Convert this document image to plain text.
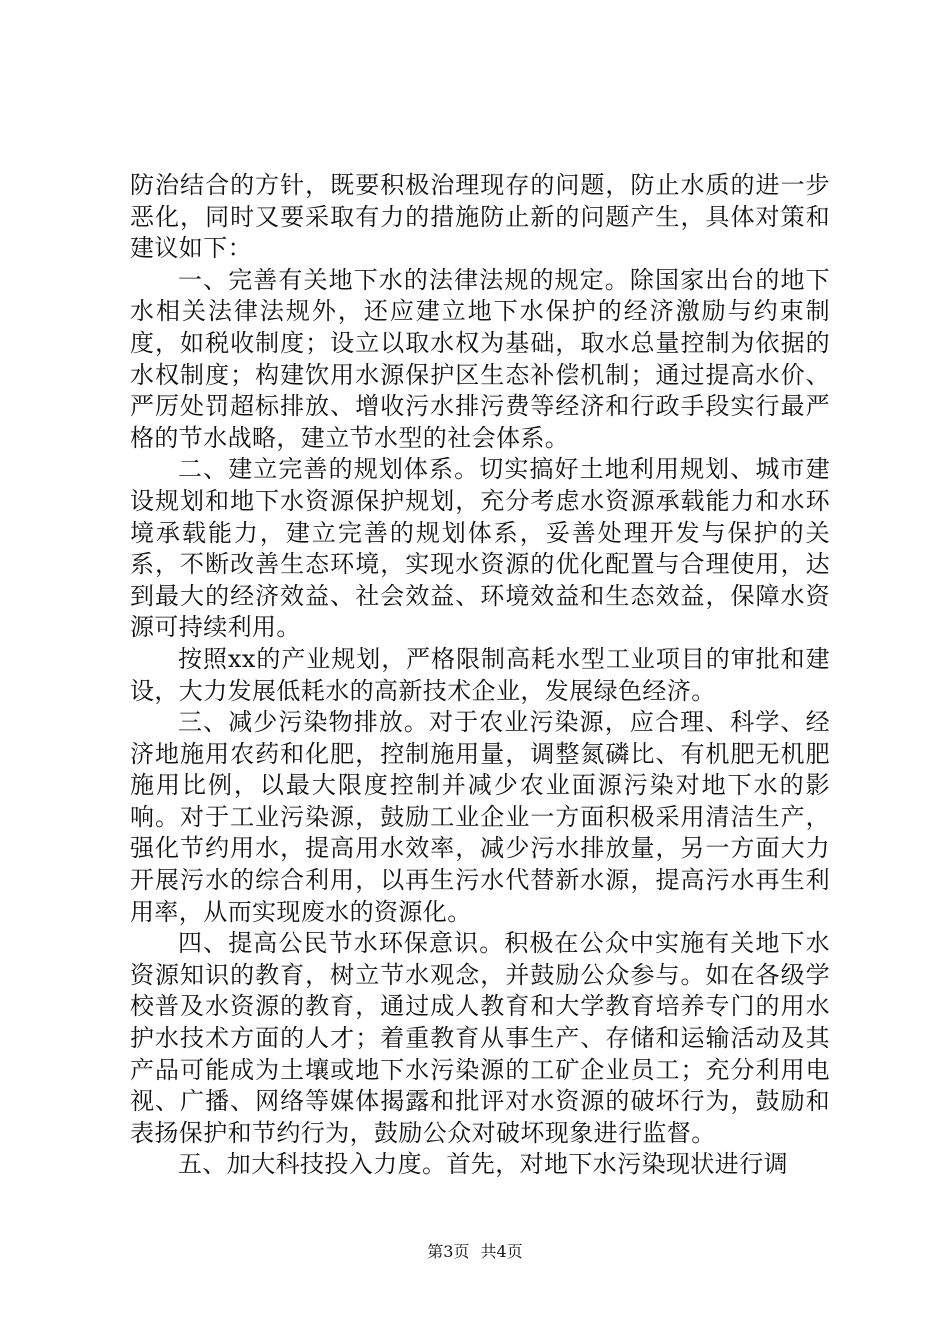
防治结合的方针，既要积极治理现存的问题，防止水质的进一步恶化，同时又要采取有力的措施防止新的问题产生，具体对策和建议如下：

一、完善有关地下水的法律法规的规定。除国家出台的地下水相关法律法规外，还应建立地下水保护的经济激励与约束制度，如税收制度；设立以取水权为基础，取水总量控制为依据的水权制度；构建饮用水源保护区生态补偿机制；通过提高水价、严厉处罚超标排放、增收污水排污费等经济和行政手段实行最严格的节水战略，建立节水型的社会体系。

二、建立完善的规划体系。切实搞好土地利用规划、城市建设规划和地下水资源保护规划，充分考虑水资源承载能力和水环境承载能力，建立完善的规划体系，妥善处理开发与保护的关系，不断改善生态环境，实现水资源的优化配置与合理使用，达到最大的经济效益、社会效益、环境效益和生态效益，保障水资源可持续利用。

按照xx的产业规划，严格限制高耗水型工业项目的审批和建设，大力发展低耗水的高新技术企业，发展绿色经济。

三、减少污染物排放。对于农业污染源，应合理、科学、经济地施用农药和化肥，控制施用量，调整氮磷比、有机肥无机肥施用比例，以最大限度控制并减少农业面源污染对地下水的影响。对于工业污染源，鼓励工业企业一方面积极采用清洁生产，强化节约用水，提高用水效率，减少污水排放量，另一方面大力开展污水的综合利用，以再生污水代替新水源，提高污水再生利用率，从而实现废水的资源化。

四、提高公民节水环保意识。积极在公众中实施有关地下水资源知识的教育，树立节水观念，并鼓励公众参与。如在各级学校普及水资源的教育，通过成人教育和大学教育培养专门的用水护水技术方面的人才；着重教育从事生产、存储和运输活动及其产品可能成为土壤或地下水污染源的工矿企业员工；充分利用电视、广播、网络等媒体揭露和批评对水资源的破坏行为，鼓励和表扬保护和节约行为，鼓励公众对破坏现象进行监督。

五、加大科技投入力度。首先，对地下水污染现状进行调

第3页 共4页
